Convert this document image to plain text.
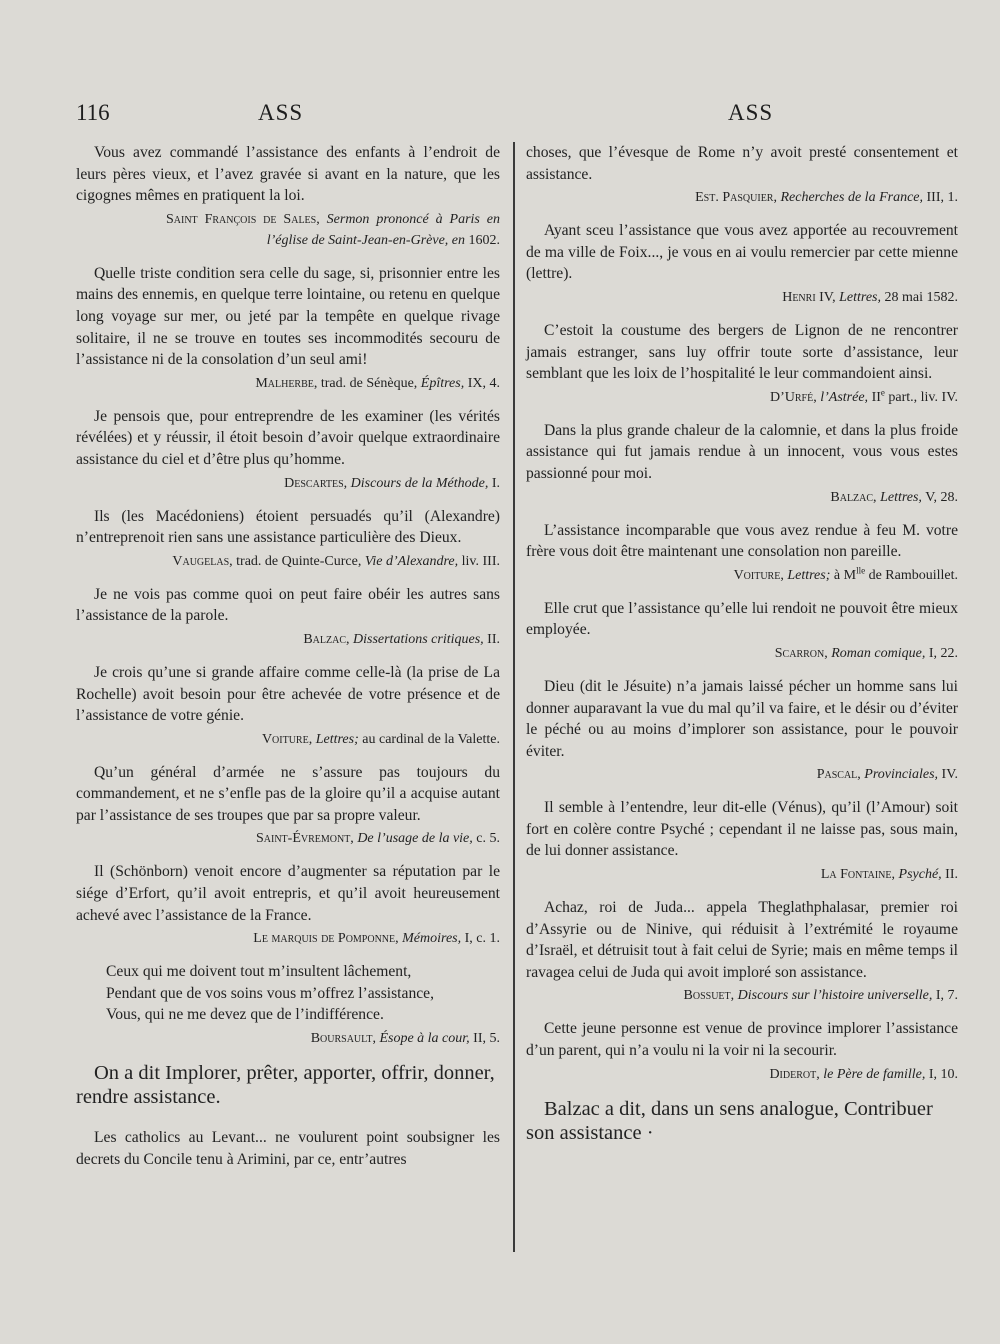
116	ASS	ASS

Vous avez commandé l’assistance des enfants à l’endroit de leurs pères vieux, et l’avez gravée si avant en la nature, que les cigognes mêmes en pratiquent la loi.

Saint François de Sales, Sermon prononcé à Paris en l’église de Saint-Jean-en-Grève, en 1602.

Quelle triste condition sera celle du sage, si, prisonnier entre les mains des ennemis, en quelque terre lointaine, ou retenu en quelque long voyage sur mer, ou jeté par la tempête en quelque rivage solitaire, il ne se trouve en toutes ses incommodités secouru de l’assistance ni de la consolation d’un seul ami!

Malherbe, trad. de Sénèque, Épîtres, IX, 4.

Je pensois que, pour entreprendre de les examiner (les vérités révélées) et y réussir, il étoit besoin d’avoir quelque extraordinaire assistance du ciel et d’être plus qu’homme.

Descartes, Discours de la Méthode, I.

Ils (les Macédoniens) étoient persuadés qu’il (Alexandre) n’entreprenoit rien sans une assistance particulière des Dieux.

Vaugelas, trad. de Quinte-Curce, Vie d’Alexandre, liv. III.

Je ne vois pas comme quoi on peut faire obéir les autres sans l’assistance de la parole.

Balzac, Dissertations critiques, II.

Je crois qu’une si grande affaire comme celle-là (la prise de La Rochelle) avoit besoin pour être achevée de votre présence et de l’assistance de votre génie.

Voiture, Lettres; au cardinal de la Valette.

Qu’un général d’armée ne s’assure pas toujours du commandement, et ne s’enfle pas de la gloire qu’il a acquise autant par l’assistance de ses troupes que par sa propre valeur.

Saint-Évremont, De l’usage de la vie, c. 5.

Il (Schönborn) venoit encore d’augmenter sa réputation par le siége d’Erfort, qu’il avoit entrepris, et qu’il avoit heureusement achevé avec l’assistance de la France.

Le marquis de Pomponne, Mémoires, I, c. 1.

Ceux qui me doivent tout m’insultent lâchement,
Pendant que de vos soins vous m’offrez l’assistance,
Vous, qui ne me devez que de l’indifférence.

Boursault, Ésope à la cour, II, 5.

On a dit Implorer, prêter, apporter, offrir, donner, rendre assistance.

Les catholics au Levant... ne voulurent point soubsigner les decrets du Concile tenu à Arimini, par ce, entr’autres

choses, que l’évesque de Rome n’y avoit presté consentement et assistance.

Est. Pasquier, Recherches de la France, III, 1.

Ayant sceu l’assistance que vous avez apportée au recouvrement de ma ville de Foix..., je vous en ai voulu remercier par cette mienne (lettre).

Henri IV, Lettres, 28 mai 1582.

C’estoit la coustume des bergers de Lignon de ne rencontrer jamais estranger, sans luy offrir toute sorte d’assistance, leur semblant que les loix de l’hospitalité le leur commandoient ainsi.

D’Urfé, l’Astrée, IIe part., liv. IV.

Dans la plus grande chaleur de la calomnie, et dans la plus froide assistance qui fut jamais rendue à un innocent, vous vous estes passionné pour moi.

Balzac, Lettres, V, 28.

L’assistance incomparable que vous avez rendue à feu M. votre frère vous doit être maintenant une consolation non pareille.

Voiture, Lettres; à $M^{lle}$ de Rambouillet.

Elle crut que l’assistance qu’elle lui rendoit ne pouvoit être mieux employée.

Scarron, Roman comique, I, 22.

Dieu (dit le Jésuite) n’a jamais laissé pécher un homme sans lui donner auparavant la vue du mal qu’il va faire, et le désir ou d’éviter le péché ou au moins d’implorer son assistance, pour le pouvoir éviter.

Pascal, Provinciales, IV.

Il semble à l’entendre, leur dit-elle (Vénus), qu’il (l’Amour) soit fort en colère contre Psyché ; cependant il ne laisse pas, sous main, de lui donner assistance.

La Fontaine, Psyché, II.

Achaz, roi de Juda... appela Theglathphalasar, premier roi d’Assyrie ou de Ninive, qui réduisit à l’extrémité le royaume d’Israël, et détruisit tout à fait celui de Syrie; mais en même temps il ravagea celui de Juda qui avoit imploré son assistance.

Bossuet, Discours sur l’histoire universelle, I, 7.

Cette jeune personne est venue de province implorer l’assistance d’un parent, qui n’a voulu ni la voir ni la secourir.

Diderot, le Père de famille, I, 10.

Balzac a dit, dans un sens analogue, Contribuer son assistance ·
